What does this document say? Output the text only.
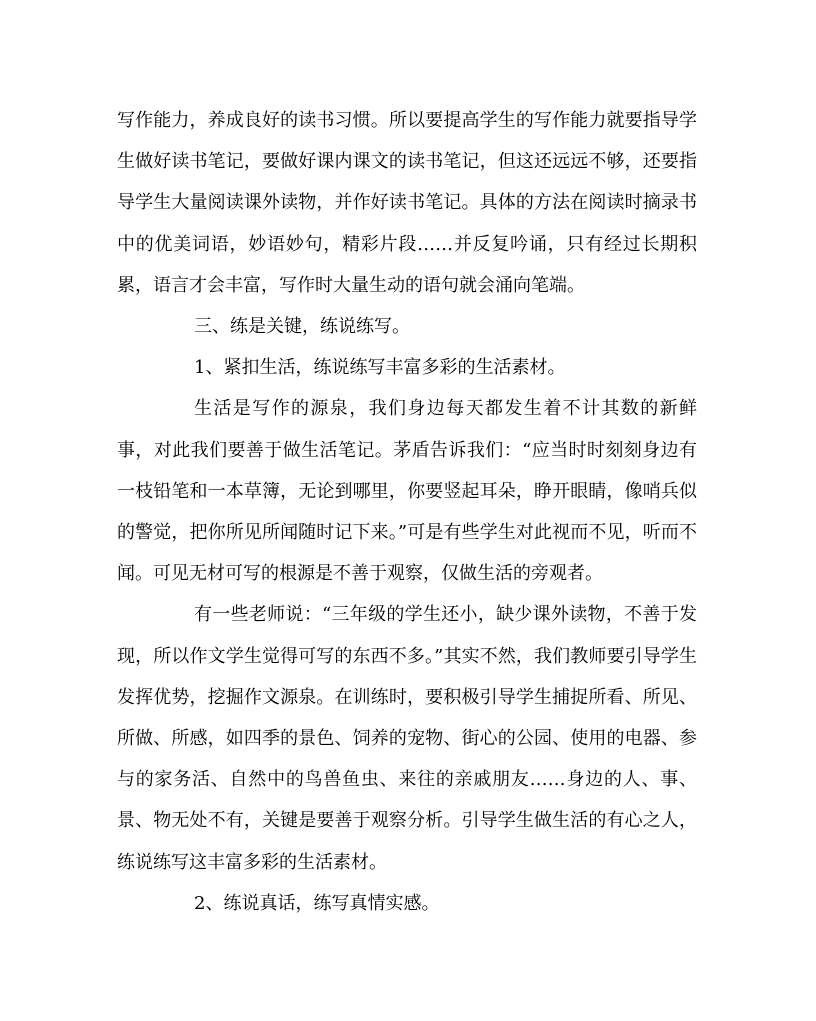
写作能力，养成良好的读书习惯。所以要提高学生的写作能力就要指导学生做好读书笔记，要做好课内课文的读书笔记，但这还远远不够，还要指导学生大量阅读课外读物，并作好读书笔记。具体的方法在阅读时摘录书中的优美词语，妙语妙句，精彩片段……并反复吟诵，只有经过长期积累，语言才会丰富，写作时大量生动的语句就会涌向笔端。

三、练是关键，练说练写。

1、紧扣生活，练说练写丰富多彩的生活素材。

生活是写作的源泉，我们身边每天都发生着不计其数的新鲜事，对此我们要善于做生活笔记。茅盾告诉我们：“应当时时刻刻身边有一枝铅笔和一本草簿，无论到哪里，你要竖起耳朵，睁开眼睛，像哨兵似的警觉，把你所见所闻随时记下来。”可是有些学生对此视而不见，听而不闻。可见无材可写的根源是不善于观察，仅做生活的旁观者。

有一些老师说：“三年级的学生还小，缺少课外读物，不善于发现，所以作文学生觉得可写的东西不多。”其实不然，我们教师要引导学生发挥优势，挖掘作文源泉。在训练时，要积极引导学生捕捉所看、所见、所做、所感，如四季的景色、饲养的宠物、街心的公园、使用的电器、参与的家务活、自然中的鸟兽鱼虫、来往的亲戚朋友……身边的人、事、景、物无处不有，关键是要善于观察分析。引导学生做生活的有心之人，练说练写这丰富多彩的生活素材。

2、练说真话，练写真情实感。
